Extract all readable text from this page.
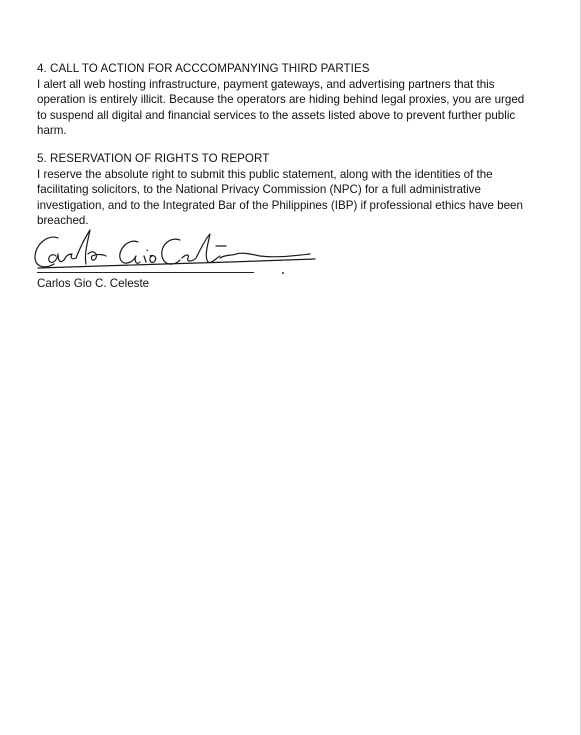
4. CALL TO ACTION FOR ACCCOMPANYING THIRD PARTIES

I alert all web hosting infrastructure, payment gateways, and advertising partners that this
operation is entirely illicit. Because the operators are hiding behind legal proxies, you are urged
to suspend all digital and financial services to the assets listed above to prevent further public
harm.

5. RESERVATION OF RIGHTS TO REPORT

I reserve the absolute right to submit this public statement, along with the identities of the
facilitating solicitors, to the National Privacy Commission (NPC) for a full administrative
investigation, and to the Integrated Bar of the Philippines (IBP) if professional ethics have been
breached.

Carlos Gio C. Celeste
